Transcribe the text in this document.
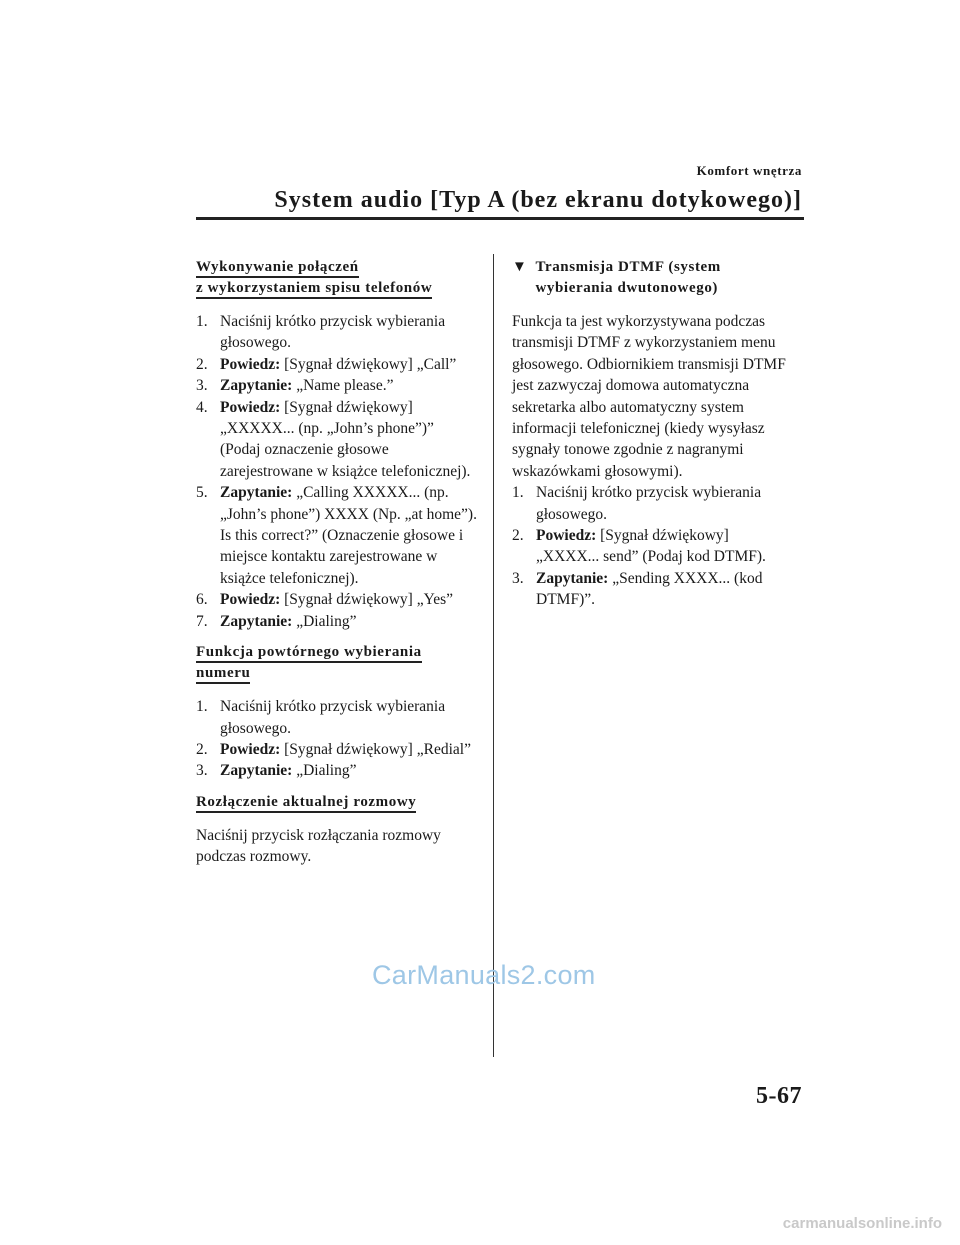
Komfort wnętrza
System audio [Typ A (bez ekranu dotykowego)]
Wykonywanie połączeń
z wykorzystaniem spisu telefonów
1. Naciśnij krótko przycisk wybierania głosowego.
2. Powiedz: [Sygnał dźwiękowy] „Call”
3. Zapytanie: „Name please.”
4. Powiedz: [Sygnał dźwiękowy] „XXXXX... (np. „John’s phone”)” (Podaj oznaczenie głosowe zarejestrowane w książce telefonicznej).
5. Zapytanie: „Calling XXXXX... (np. „John’s phone”) XXXX (Np. „at home”). Is this correct?” (Oznaczenie głosowe i miejsce kontaktu zarejestrowane w książce telefonicznej).
6. Powiedz: [Sygnał dźwiękowy] „Yes”
7. Zapytanie: „Dialing”
Funkcja powtórnego wybierania
numeru
1. Naciśnij krótko przycisk wybierania głosowego.
2. Powiedz: [Sygnał dźwiękowy] „Redial”
3. Zapytanie: „Dialing”
Rozłączenie aktualnej rozmowy

Naciśnij przycisk rozłączania rozmowy podczas rozmowy.

▼ Transmisja DTMF (system wybierania dwutonowego)

Funkcja ta jest wykorzystywana podczas transmisji DTMF z wykorzystaniem menu głosowego. Odbiornikiem transmisji DTMF jest zazwyczaj domowa automatyczna sekretarka albo automatyczny system informacji telefonicznej (kiedy wysyłasz sygnały tonowe zgodnie z nagranymi wskazówkami głosowymi).

1. Naciśnij krótko przycisk wybierania głosowego.
2. Powiedz: [Sygnał dźwiękowy] „XXXX... send” (Podaj kod DTMF).
3. Zapytanie: „Sending XXXX... (kod DTMF)”.
CarManuals2.com
5-67
carmanualsonline.info
